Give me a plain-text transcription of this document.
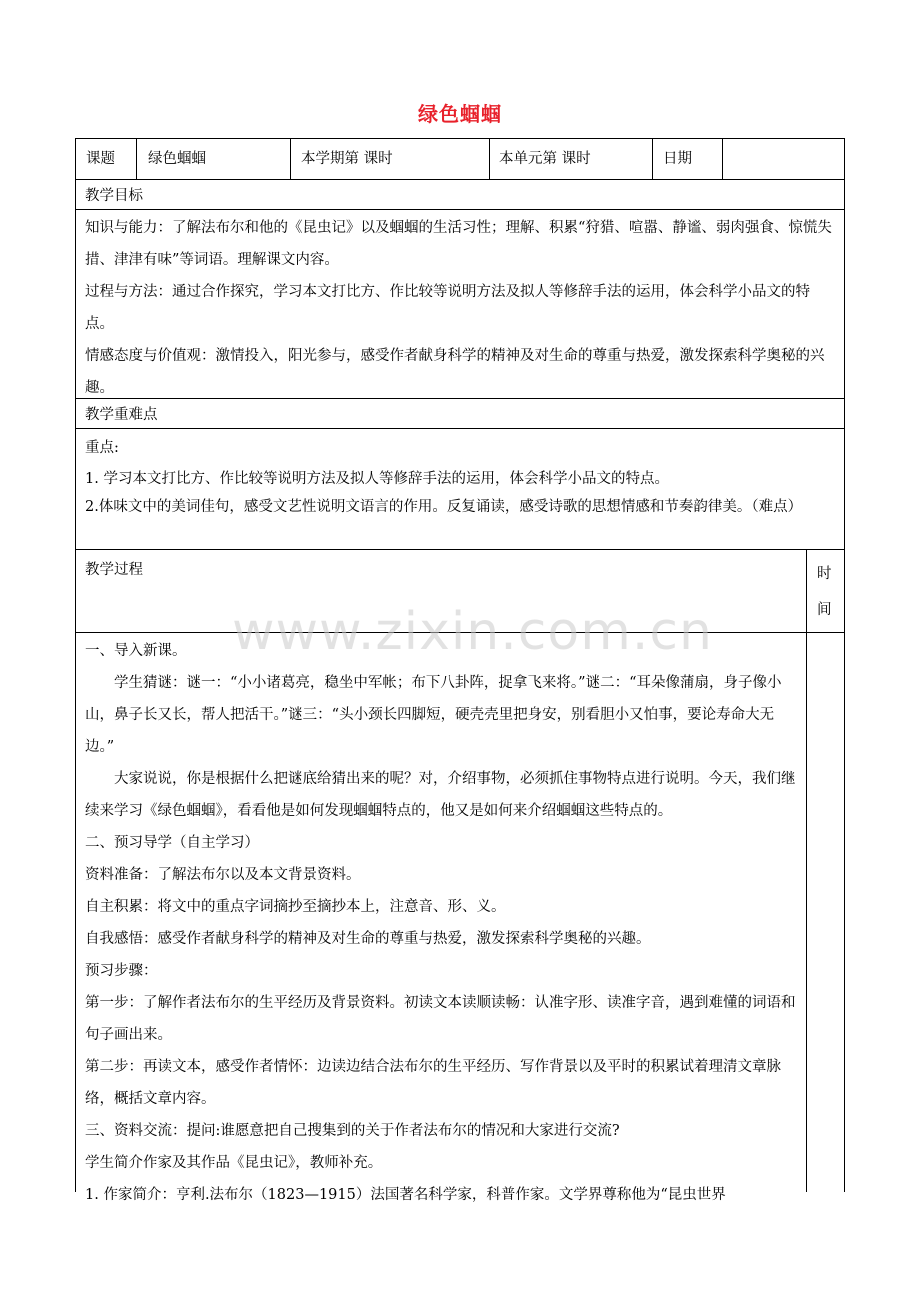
绿色蝈蝈
课题 绿色蝈蝈	本学期第 课时	本单元第 课时	日期
教学目标
知识与能力：了解法布尔和他的《昆虫记》以及蝈蝈的生活习性；理解、积累“狩猎、喧嚣、静谧、弱肉强食、惊慌失措、津津有味”等词语。理解课文内容。
过程与方法：通过合作探究，学习本文打比方、作比较等说明方法及拟人等修辞手法的运用，体会科学小品文的特点。
情感态度与价值观：激情投入，阳光参与，感受作者献身科学的精神及对生命的尊重与热爱，激发探索科学奥秘的兴趣。
教学重难点
重点:
1. 学习本文打比方、作比较等说明方法及拟人等修辞手法的运用，体会科学小品文的特点。
2.体味文中的美词佳句，感受文艺性说明文语言的作用。反复诵读，感受诗歌的思想情感和节奏韵律美。（难点）
教学过程	时
间
一、导入新课。
学生猜谜：谜一：“小小诸葛亮，稳坐中军帐；布下八卦阵，捉拿飞来将。”谜二：“耳朵像蒲扇，身子像小山，鼻子长又长，帮人把活干。”谜三：“头小颈长四脚短，硬壳壳里把身安，别看胆小又怕事，要论寿命大无边。”
大家说说，你是根据什么把谜底给猜出来的呢？对，介绍事物，必须抓住事物特点进行说明。今天，我们继续来学习《绿色蝈蝈》，看看他是如何发现蝈蝈特点的，他又是如何来介绍蝈蝈这些特点的。
二、预习导学（自主学习）
资料准备：了解法布尔以及本文背景资料。
自主积累：将文中的重点字词摘抄至摘抄本上，注意音、形、义。
自我感悟：感受作者献身科学的精神及对生命的尊重与热爱，激发探索科学奥秘的兴趣。
预习步骤：
第一步：了解作者法布尔的生平经历及背景资料。初读文本读顺读畅：认准字形、读准字音，遇到难懂的词语和句子画出来。
第二步：再读文本，感受作者情怀：边读边结合法布尔的生平经历、写作背景以及平时的积累试着理清文章脉络，概括文章内容。
三、资料交流：提问:谁愿意把自己搜集到的关于作者法布尔的情况和大家进行交流?
学生简介作家及其作品《昆虫记》，教师补充。
1. 作家简介：亨利.法布尔（1823—1915）法国著名科学家，科普作家。文学界尊称他为“昆虫世界
www.zixin.com.cn
